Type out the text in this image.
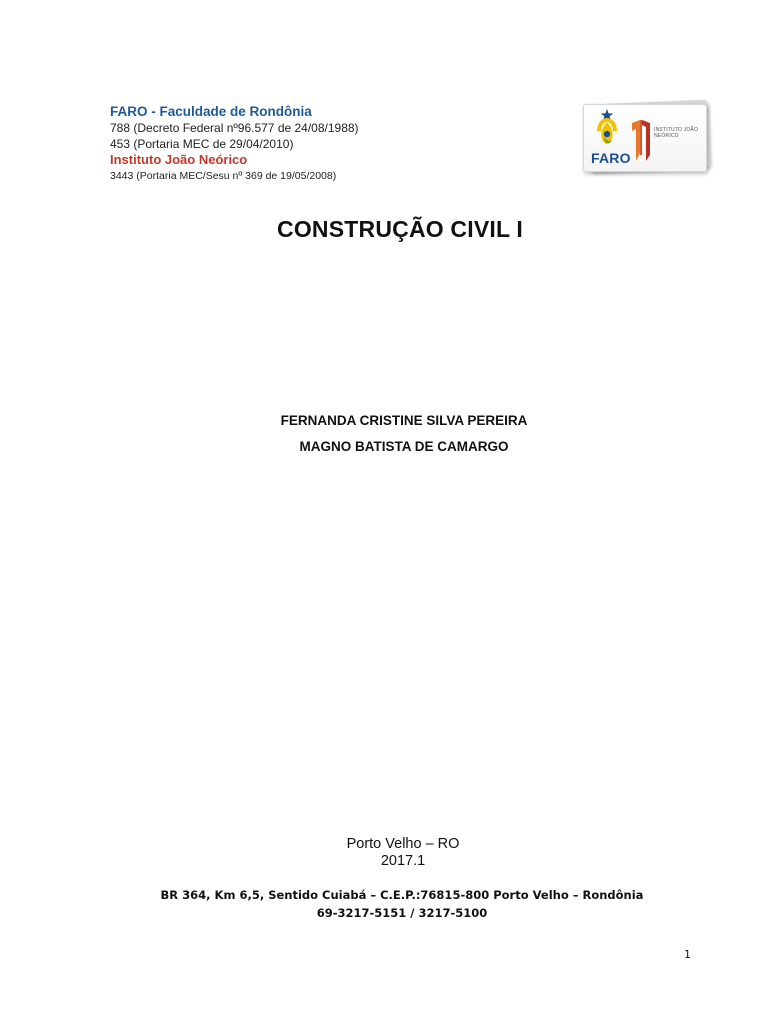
FARO - Faculdade de Rondônia
788 (Decreto Federal nº96.577 de 24/08/1988)
453 (Portaria MEC de 29/04/2010)
Instituto João Neórico
3443 (Portaria MEC/Sesu nº 369 de 19/05/2008)
FARO
INSTITUTO JOÃO NEÓRICO
CONSTRUÇÃO CIVIL I
FERNANDA CRISTINE SILVA PEREIRA
MAGNO BATISTA DE CAMARGO
Porto Velho – RO
2017.1
BR 364, Km 6,5, Sentido Cuiabá – C.E.P.:76815-800 Porto Velho – Rondônia
69-3217-5151 / 3217-5100
1
